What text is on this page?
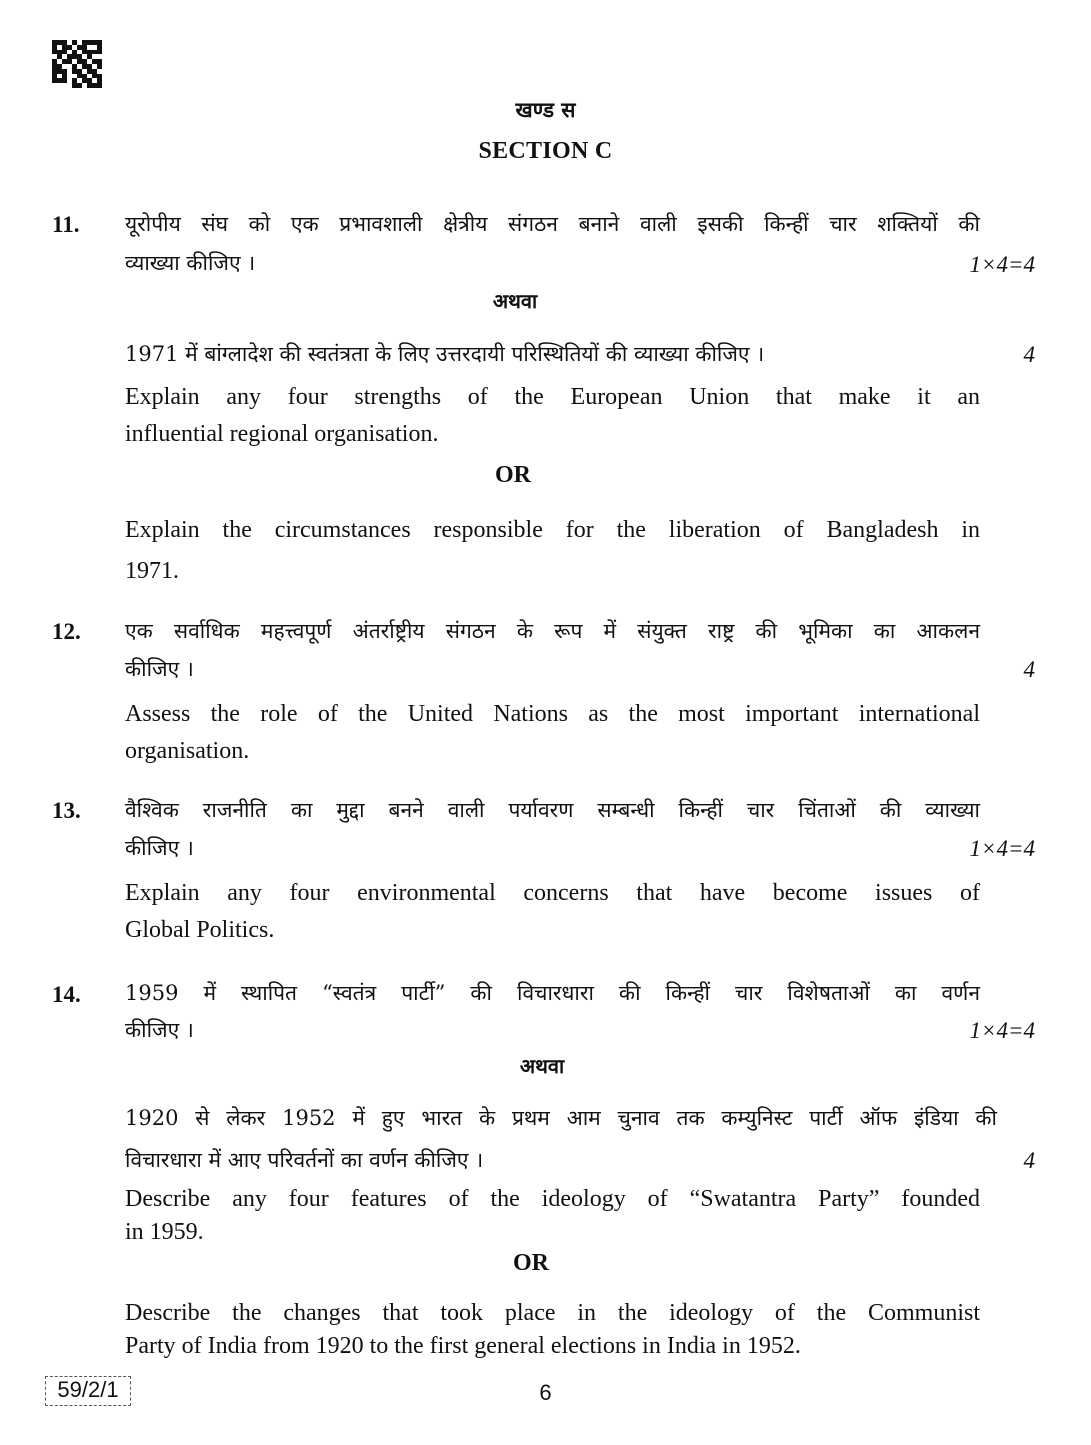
खण्ड स
SECTION C
11. यूरोपीय संघ को एक प्रभावशाली क्षेत्रीय संगठन बनाने वाली इसकी किन्हीं चार शक्तियों की
व्याख्या कीजिए ।	1×4=4
अथवा
1971 में बांग्लादेश की स्वतंत्रता के लिए उत्तरदायी परिस्थितियों की व्याख्या कीजिए ।	4
Explain any four strengths of the European Union that make it an
influential regional organisation.
OR
Explain the circumstances responsible for the liberation of Bangladesh in
1971.
12. एक सर्वाधिक महत्त्वपूर्ण अंतर्राष्ट्रीय संगठन के रूप में संयुक्त राष्ट्र की भूमिका का आकलन
कीजिए ।	4
Assess the role of the United Nations as the most important international
organisation.
13. वैश्विक राजनीति का मुद्दा बनने वाली पर्यावरण सम्बन्धी किन्हीं चार चिंताओं की व्याख्या
कीजिए ।	1×4=4
Explain any four environmental concerns that have become issues of
Global Politics.
14. 1959 में स्थापित “स्वतंत्र पार्टी” की विचारधारा की किन्हीं चार विशेषताओं का वर्णन
कीजिए ।	1×4=4
अथवा
1920 से लेकर 1952 में हुए भारत के प्रथम आम चुनाव तक कम्युनिस्ट पार्टी ऑफ इंडिया की
विचारधारा में आए परिवर्तनों का वर्णन कीजिए ।	4
Describe any four features of the ideology of “Swatantra Party” founded
in 1959.
OR
Describe the changes that took place in the ideology of the Communist
Party of India from 1920 to the first general elections in India in 1952.
59/2/1	6
